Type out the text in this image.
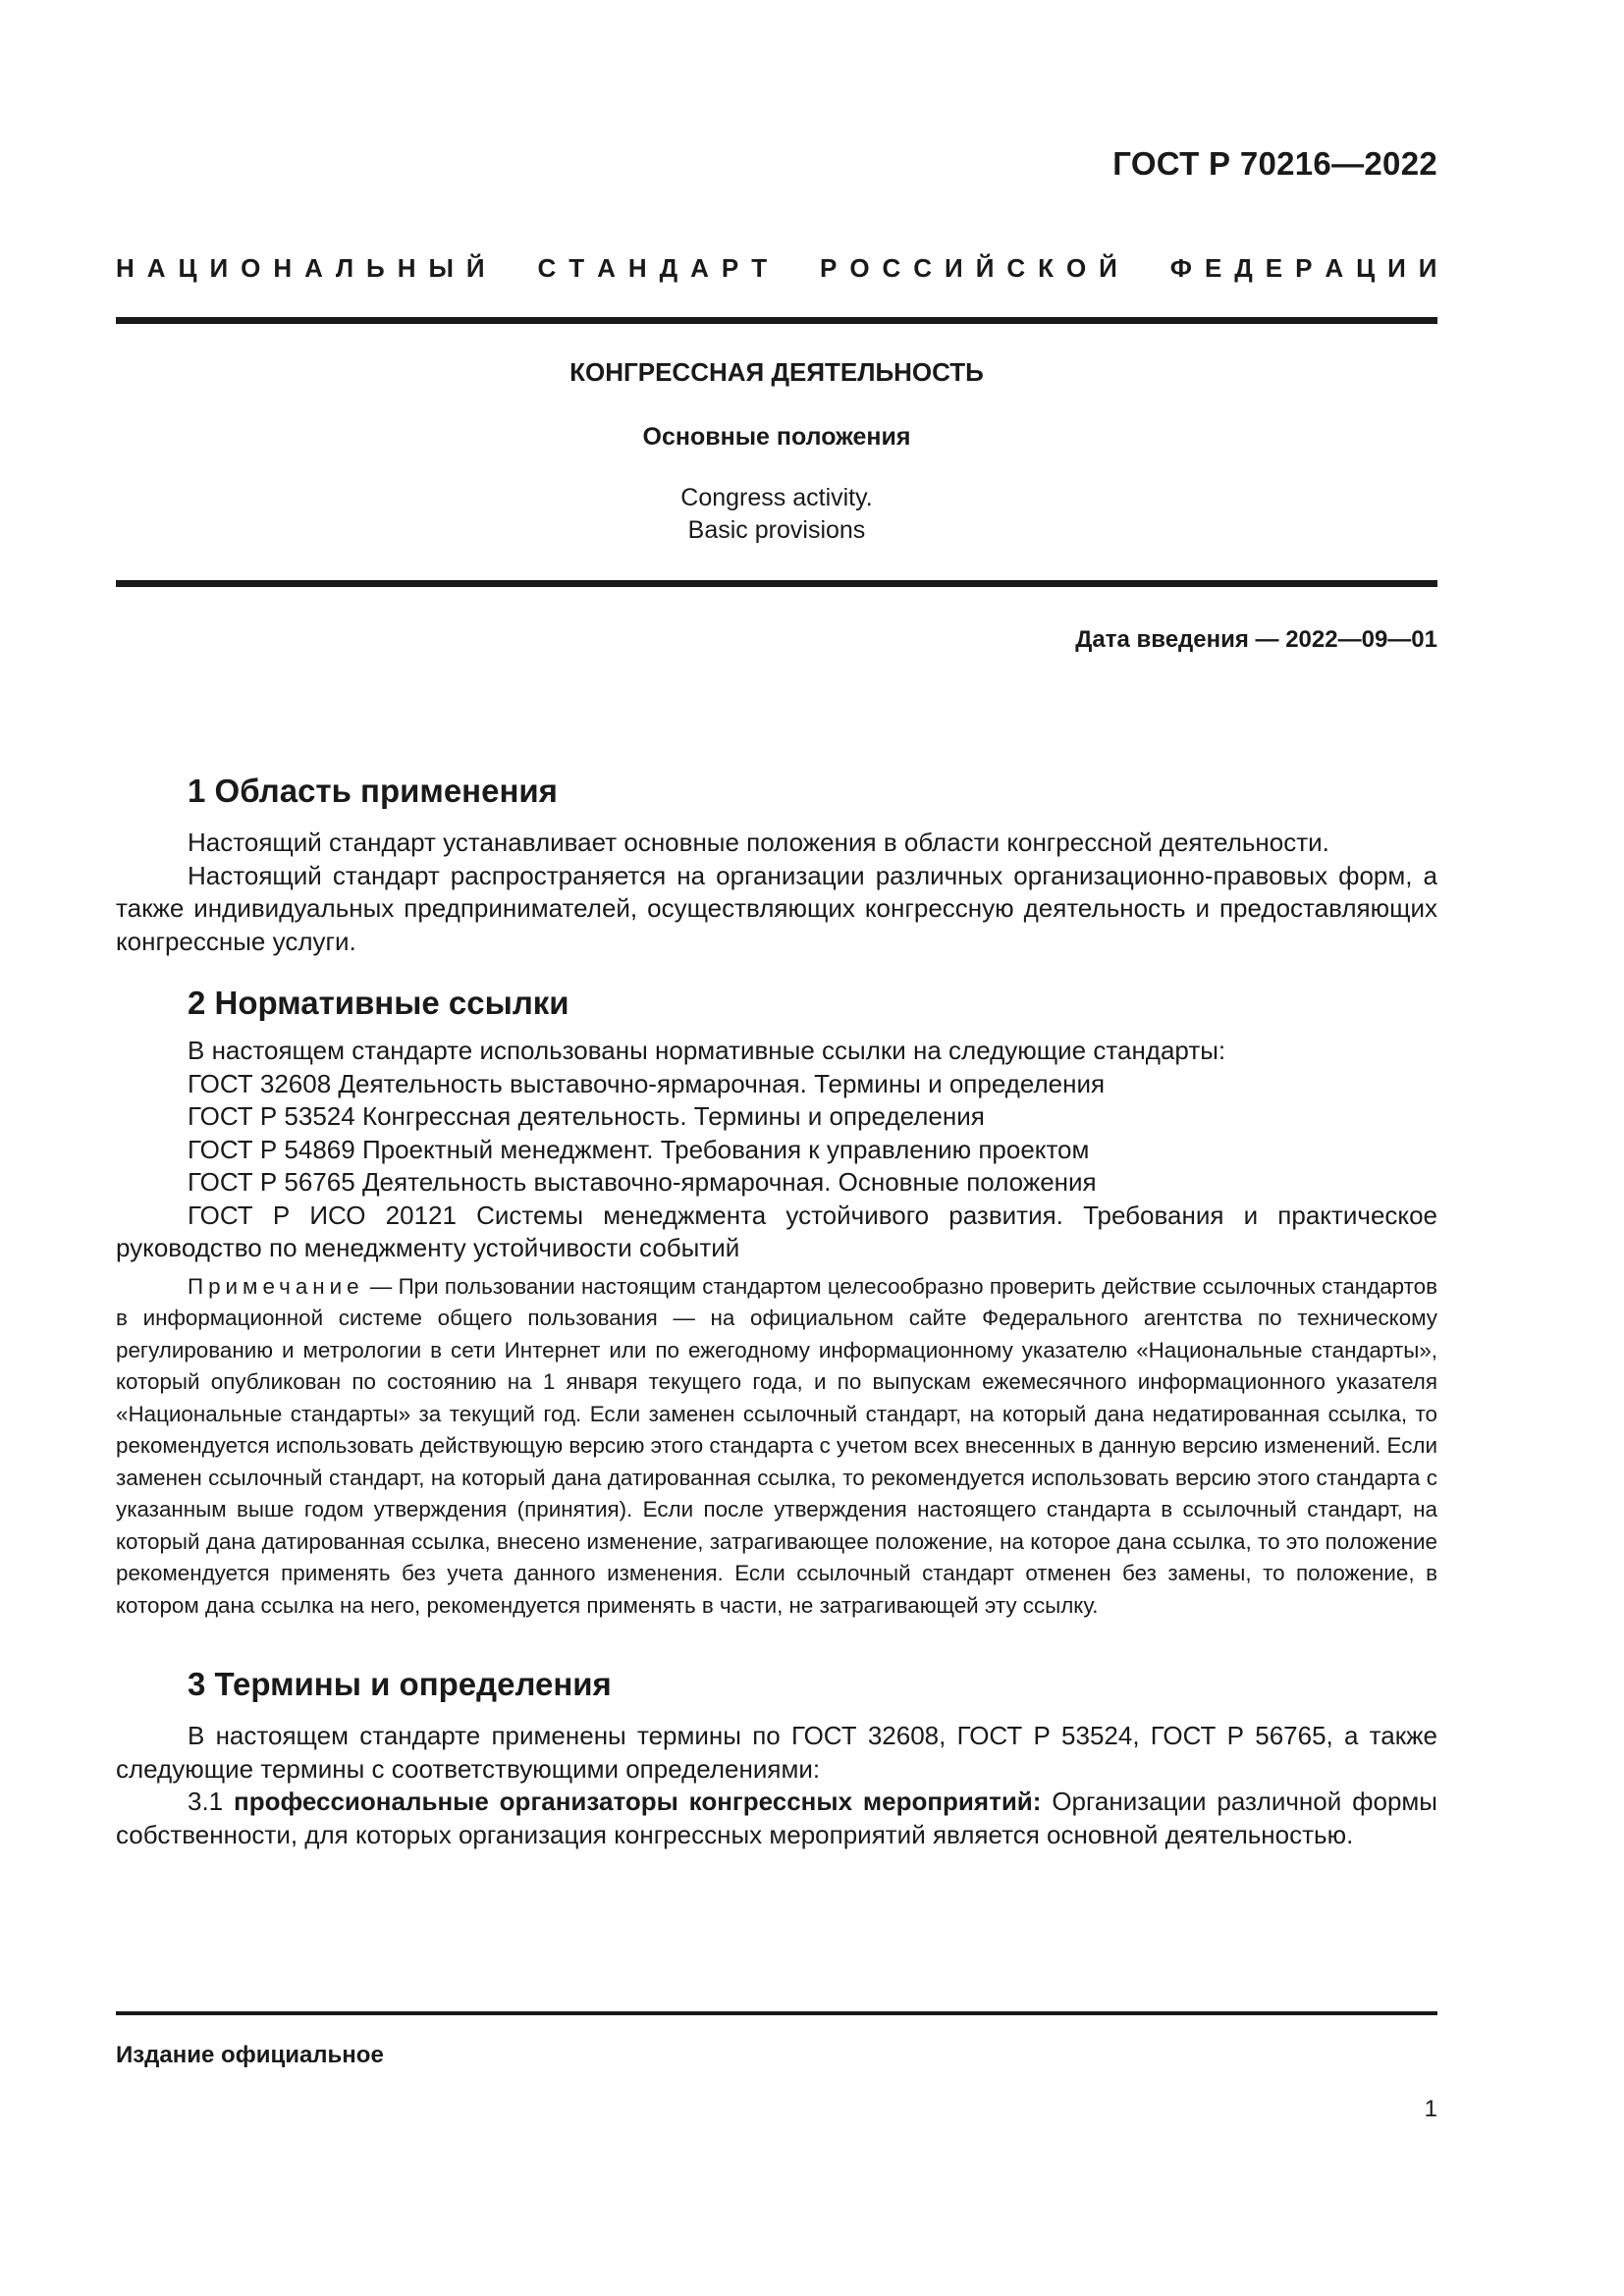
ГОСТ Р 70216—2022
Н А Ц И О Н А Л Ь Н Ы Й С Т А Н Д А Р Т Р О С С И Й С К О Й Ф Е Д Е Р А Ц И И
КОНГРЕССНАЯ ДЕЯТЕЛЬНОСТЬ
Основные положения
Congress activity.
Basic provisions
Дата введения — 2022—09—01
1 Область применения

Настоящий стандарт устанавливает основные положения в области конгрессной деятельности.

Настоящий стандарт распространяется на организации различных организационно-правовых форм, а также индивидуальных предпринимателей, осуществляющих конгрессную деятельность и предоставляющих конгрессные услуги.

2 Нормативные ссылки

В настоящем стандарте использованы нормативные ссылки на следующие стандарты:

ГОСТ 32608 Деятельность выставочно-ярмарочная. Термины и определения

ГОСТ Р 53524 Конгрессная деятельность. Термины и определения

ГОСТ Р 54869 Проектный менеджмент. Требования к управлению проектом

ГОСТ Р 56765 Деятельность выставочно-ярмарочная. Основные положения

ГОСТ Р ИСО 20121 Системы менеджмента устойчивого развития. Требования и практическое руководство по менеджменту устойчивости событий

Примечание — При пользовании настоящим стандартом целесообразно проверить действие ссылочных стандартов в информационной системе общего пользования — на официальном сайте Федерального агентства по техническому регулированию и метрологии в сети Интернет или по ежегодному информационному указателю «Национальные стандарты», который опубликован по состоянию на 1 января текущего года, и по выпускам ежемесячного информационного указателя «Национальные стандарты» за текущий год. Если заменен ссылочный стандарт, на который дана недатированная ссылка, то рекомендуется использовать действующую версию этого стандарта с учетом всех внесенных в данную версию изменений. Если заменен ссылочный стандарт, на который дана датированная ссылка, то рекомендуется использовать версию этого стандарта с указанным выше годом утверждения (принятия). Если после утверждения настоящего стандарта в ссылочный стандарт, на который дана датированная ссылка, внесено изменение, затрагивающее положение, на которое дана ссылка, то это положение рекомендуется применять без учета данного изменения. Если ссылочный стандарт отменен без замены, то положение, в котором дана ссылка на него, рекомендуется применять в части, не затрагивающей эту ссылку.

3 Термины и определения

В настоящем стандарте применены термины по ГОСТ 32608, ГОСТ Р 53524, ГОСТ Р 56765, а также следующие термины с соответствующими определениями:

3.1 профессиональные организаторы конгрессных мероприятий: Организации различной формы собственности, для которых организация конгрессных мероприятий является основной деятельностью.

Издание официальное
1
